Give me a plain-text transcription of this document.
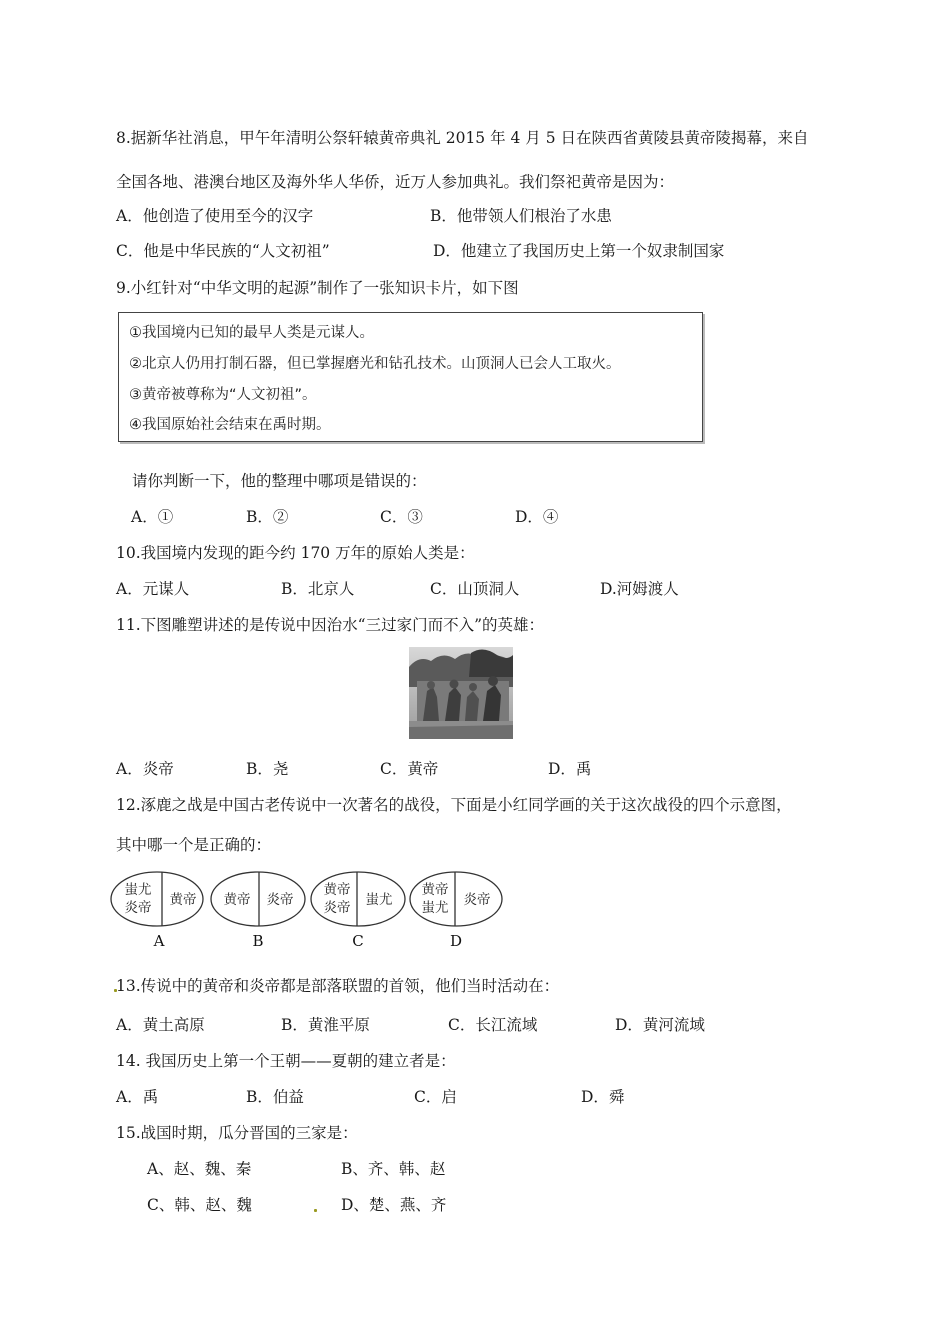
8.据新华社消息，甲午年清明公祭轩辕黄帝典礼 2015 年 4 月 5 日在陕西省黄陵县黄帝陵揭幕，来自
全国各地、港澳台地区及海外华人华侨，近万人参加典礼。我们祭祀黄帝是因为：
A．他创造了使用至今的汉字	B．他带领人们根治了水患
C．他是中华民族的“人文初祖”	D．他建立了我国历史上第一个奴隶制国家
9.小红针对“中华文明的起源”制作了一张知识卡片，如下图
①我国境内已知的最早人类是元谋人。
②北京人仍用打制石器，但已掌握磨光和钻孔技术。山顶洞人已会人工取火。
③黄帝被尊称为“人文初祖”。
④我国原始社会结束在禹时期。
请你判断一下，他的整理中哪项是错误的：
A．①	B．②	C．③	D．④
10.我国境内发现的距今约 170 万年的原始人类是：
A．元谋人	B．北京人	C．山顶洞人	D.河姆渡人
11.下图雕塑讲述的是传说中因治水“三过家门而不入”的英雄：
A．炎帝	B．尧	C．黄帝	D．禹
12.涿鹿之战是中国古老传说中一次著名的战役，下面是小红同学画的关于这次战役的四个示意图，
其中哪一个是正确的：
蚩尤
炎帝 黄帝
A
黄帝 炎帝
B
黄帝
炎帝 蚩尤
C
黄帝
蚩尤 炎帝
D
13.传说中的黄帝和炎帝都是部落联盟的首领，他们当时活动在：
A．黄土高原	B．黄淮平原	C．长江流域	D．黄河流域
14. 我国历史上第一个王朝——夏朝的建立者是：
A．禹	B．伯益	C．启	D．舜
15.战国时期，瓜分晋国的三家是：
A、赵、魏、秦	B、齐、韩、赵
C、韩、赵、魏	D、楚、燕、齐
